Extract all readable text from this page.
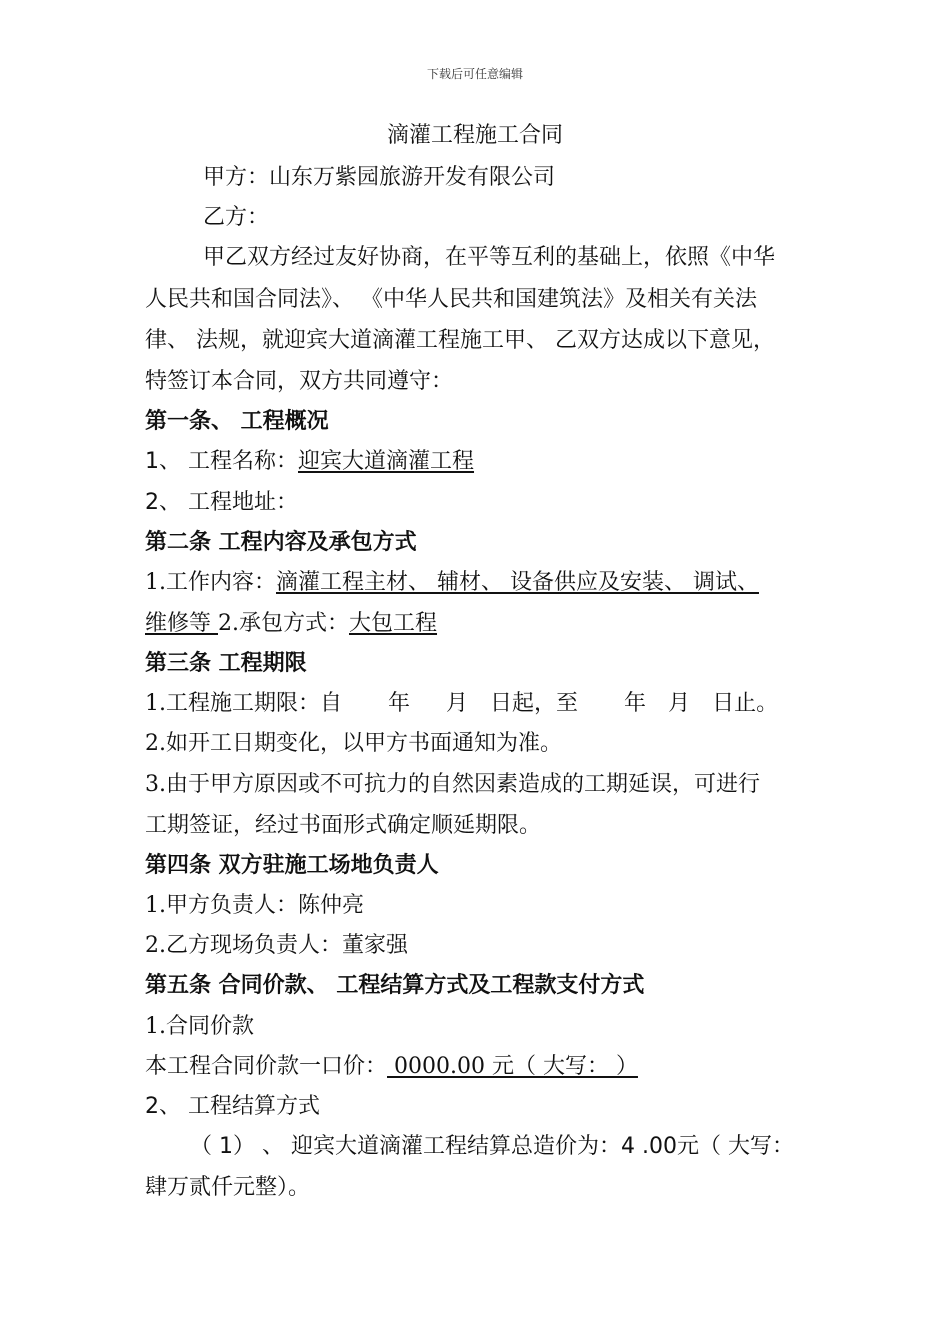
下载后可任意编辑
滴灌工程施工合同
甲方：山东万紫园旅游开发有限公司
乙方：
甲乙双方经过友好协商，在平等互利的基础上，依照《中华
人民共和国合同法》、 《中华人民共和国建筑法》及相关有关法
律、 法规，就迎宾大道滴灌工程施工甲、 乙双方达成以下意见，
特签订本合同，双方共同遵守：
第一条、 工程概况
1、 工程名称：迎宾大道滴灌工程
2、 工程地址：
第二条 工程内容及承包方式
1.工作内容：滴灌工程主材、 辅材、 设备供应及安装、 调试、
维修等 2.承包方式：大包工程
第三条 工程期限
1.工程施工期限：自 年 月 日起，至 年 月 日止。
2.如开工日期变化，以甲方书面通知为准。
3.由于甲方原因或不可抗力的自然因素造成的工期延误，可进行
工期签证，经过书面形式确定顺延期限。
第四条 双方驻施工场地负责人
1.甲方负责人：陈仲亮
2.乙方现场负责人：董家强
第五条 合同价款、 工程结算方式及工程款支付方式
1.合同价款
本工程合同价款一口价： 0000.00 元（ 大写： ）
2、 工程结算方式
（ 1） 、 迎宾大道滴灌工程结算总造价为：4 .00元（ 大写：
肆万贰仟元整）。
